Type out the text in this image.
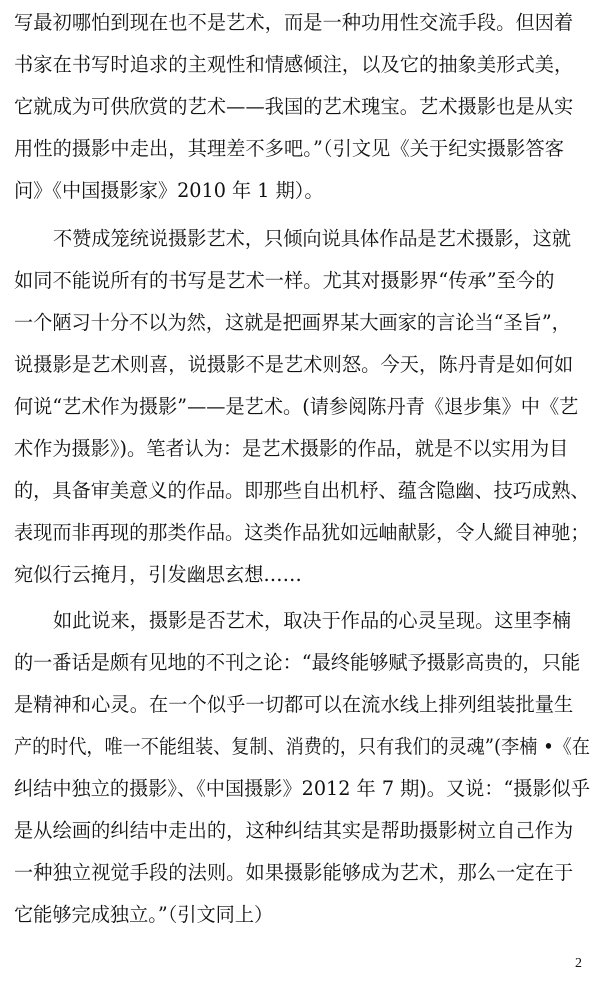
写最初哪怕到现在也不是艺术，而是一种功用性交流手段。但因着
书家在书写时追求的主观性和情感倾注，以及它的抽象美形式美，
它就成为可供欣赏的艺术——我国的艺术瑰宝。艺术摄影也是从实
用性的摄影中走出，其理差不多吧。”（引文见《关于纪实摄影答客
问》《中国摄影家》2010 年 1 期）。
不赞成笼统说摄影艺术，只倾向说具体作品是艺术摄影，这就
如同不能说所有的书写是艺术一样。尤其对摄影界“传承”至今的
一个陋习十分不以为然，这就是把画界某大画家的言论当“圣旨”，
说摄影是艺术则喜，说摄影不是艺术则怒。今天，陈丹青是如何如
何说“艺术作为摄影”——是艺术。(请参阅陈丹青《退步集》中《艺
术作为摄影》)。笔者认为：是艺术摄影的作品，就是不以实用为目
的，具备审美意义的作品。即那些自出机杼、蕴含隐幽、技巧成熟、
表现而非再现的那类作品。这类作品犹如远岫献影，令人縱目神驰；
宛似行云掩月，引发幽思玄想……
如此说来，摄影是否艺术，取决于作品的心灵呈现。这里李楠
的一番话是颇有见地的不刊之论：“最终能够赋予摄影高贵的，只能
是精神和心灵。在一个似乎一切都可以在流水线上排列组装批量生
产的时代，唯一不能组装、复制、消费的，只有我们的灵魂”(李楠 •《在
纠结中独立的摄影》、《中国摄影》2012 年 7 期)。又说：“摄影似乎
是从绘画的纠结中走出的，这种纠结其实是帮助摄影树立自己作为
一种独立视觉手段的法则。如果摄影能够成为艺术，那么一定在于
它能够完成独立。”（引文同上）
2
